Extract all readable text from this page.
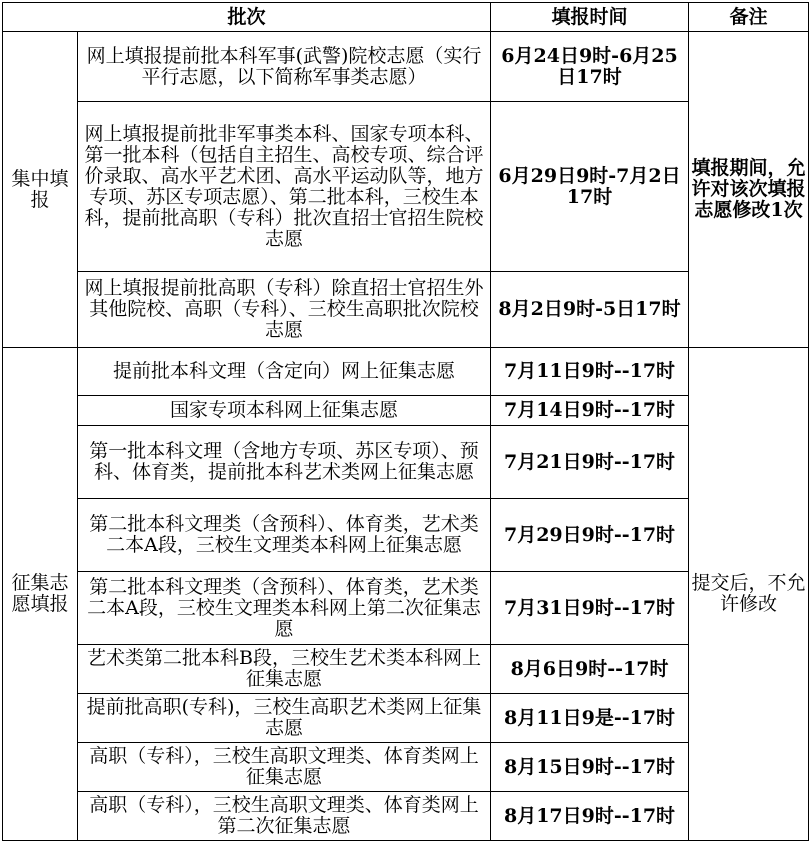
批次		填报时间	备注
集中填报	网上填报提前批本科军事(武警)院校志愿（实行平行志愿，以下简称军事类志愿）	6月24日9时-6月25日17时	填报期间，允许对该次填报志愿修改1次
	网上填报提前批非军事类本科、国家专项本科、第一批本科（包括自主招生、高校专项、综合评价录取、高水平艺术团、高水平运动队等，地方专项、苏区专项志愿）、第二批本科，三校生本科，提前批高职（专科）批次直招士官招生院校志愿	6月29日9时-7月2日17时	
	网上填报提前批高职（专科）除直招士官招生外其他院校、高职（专科）、三校生高职批次院校志愿	8月2日9时-5日17时	
征集志愿填报	提前批本科文理（含定向）网上征集志愿	7月11日9时--17时	提交后，不允许修改
	国家专项本科网上征集志愿	7月14日9时--17时	
	第一批本科文理（含地方专项、苏区专项）、预科、体育类，提前批本科艺术类网上征集志愿	7月21日9时--17时	
	第二批本科文理类（含预科）、体育类，艺术类二本A段，三校生文理类本科网上征集志愿	7月29日9时--17时	
	第二批本科文理类（含预科）、体育类，艺术类二本A段，三校生文理类本科网上第二次征集志愿	7月31日9时--17时	
	艺术类第二批本科B段，三校生艺术类本科网上征集志愿	8月6日9时--17时	
	提前批高职(专科)，三校生高职艺术类网上征集志愿	8月11日9是--17时	
	高职（专科），三校生高职文理类、体育类网上征集志愿	8月15日9时--17时	
	高职（专科），三校生高职文理类、体育类网上第二次征集志愿	8月17日9时--17时	
